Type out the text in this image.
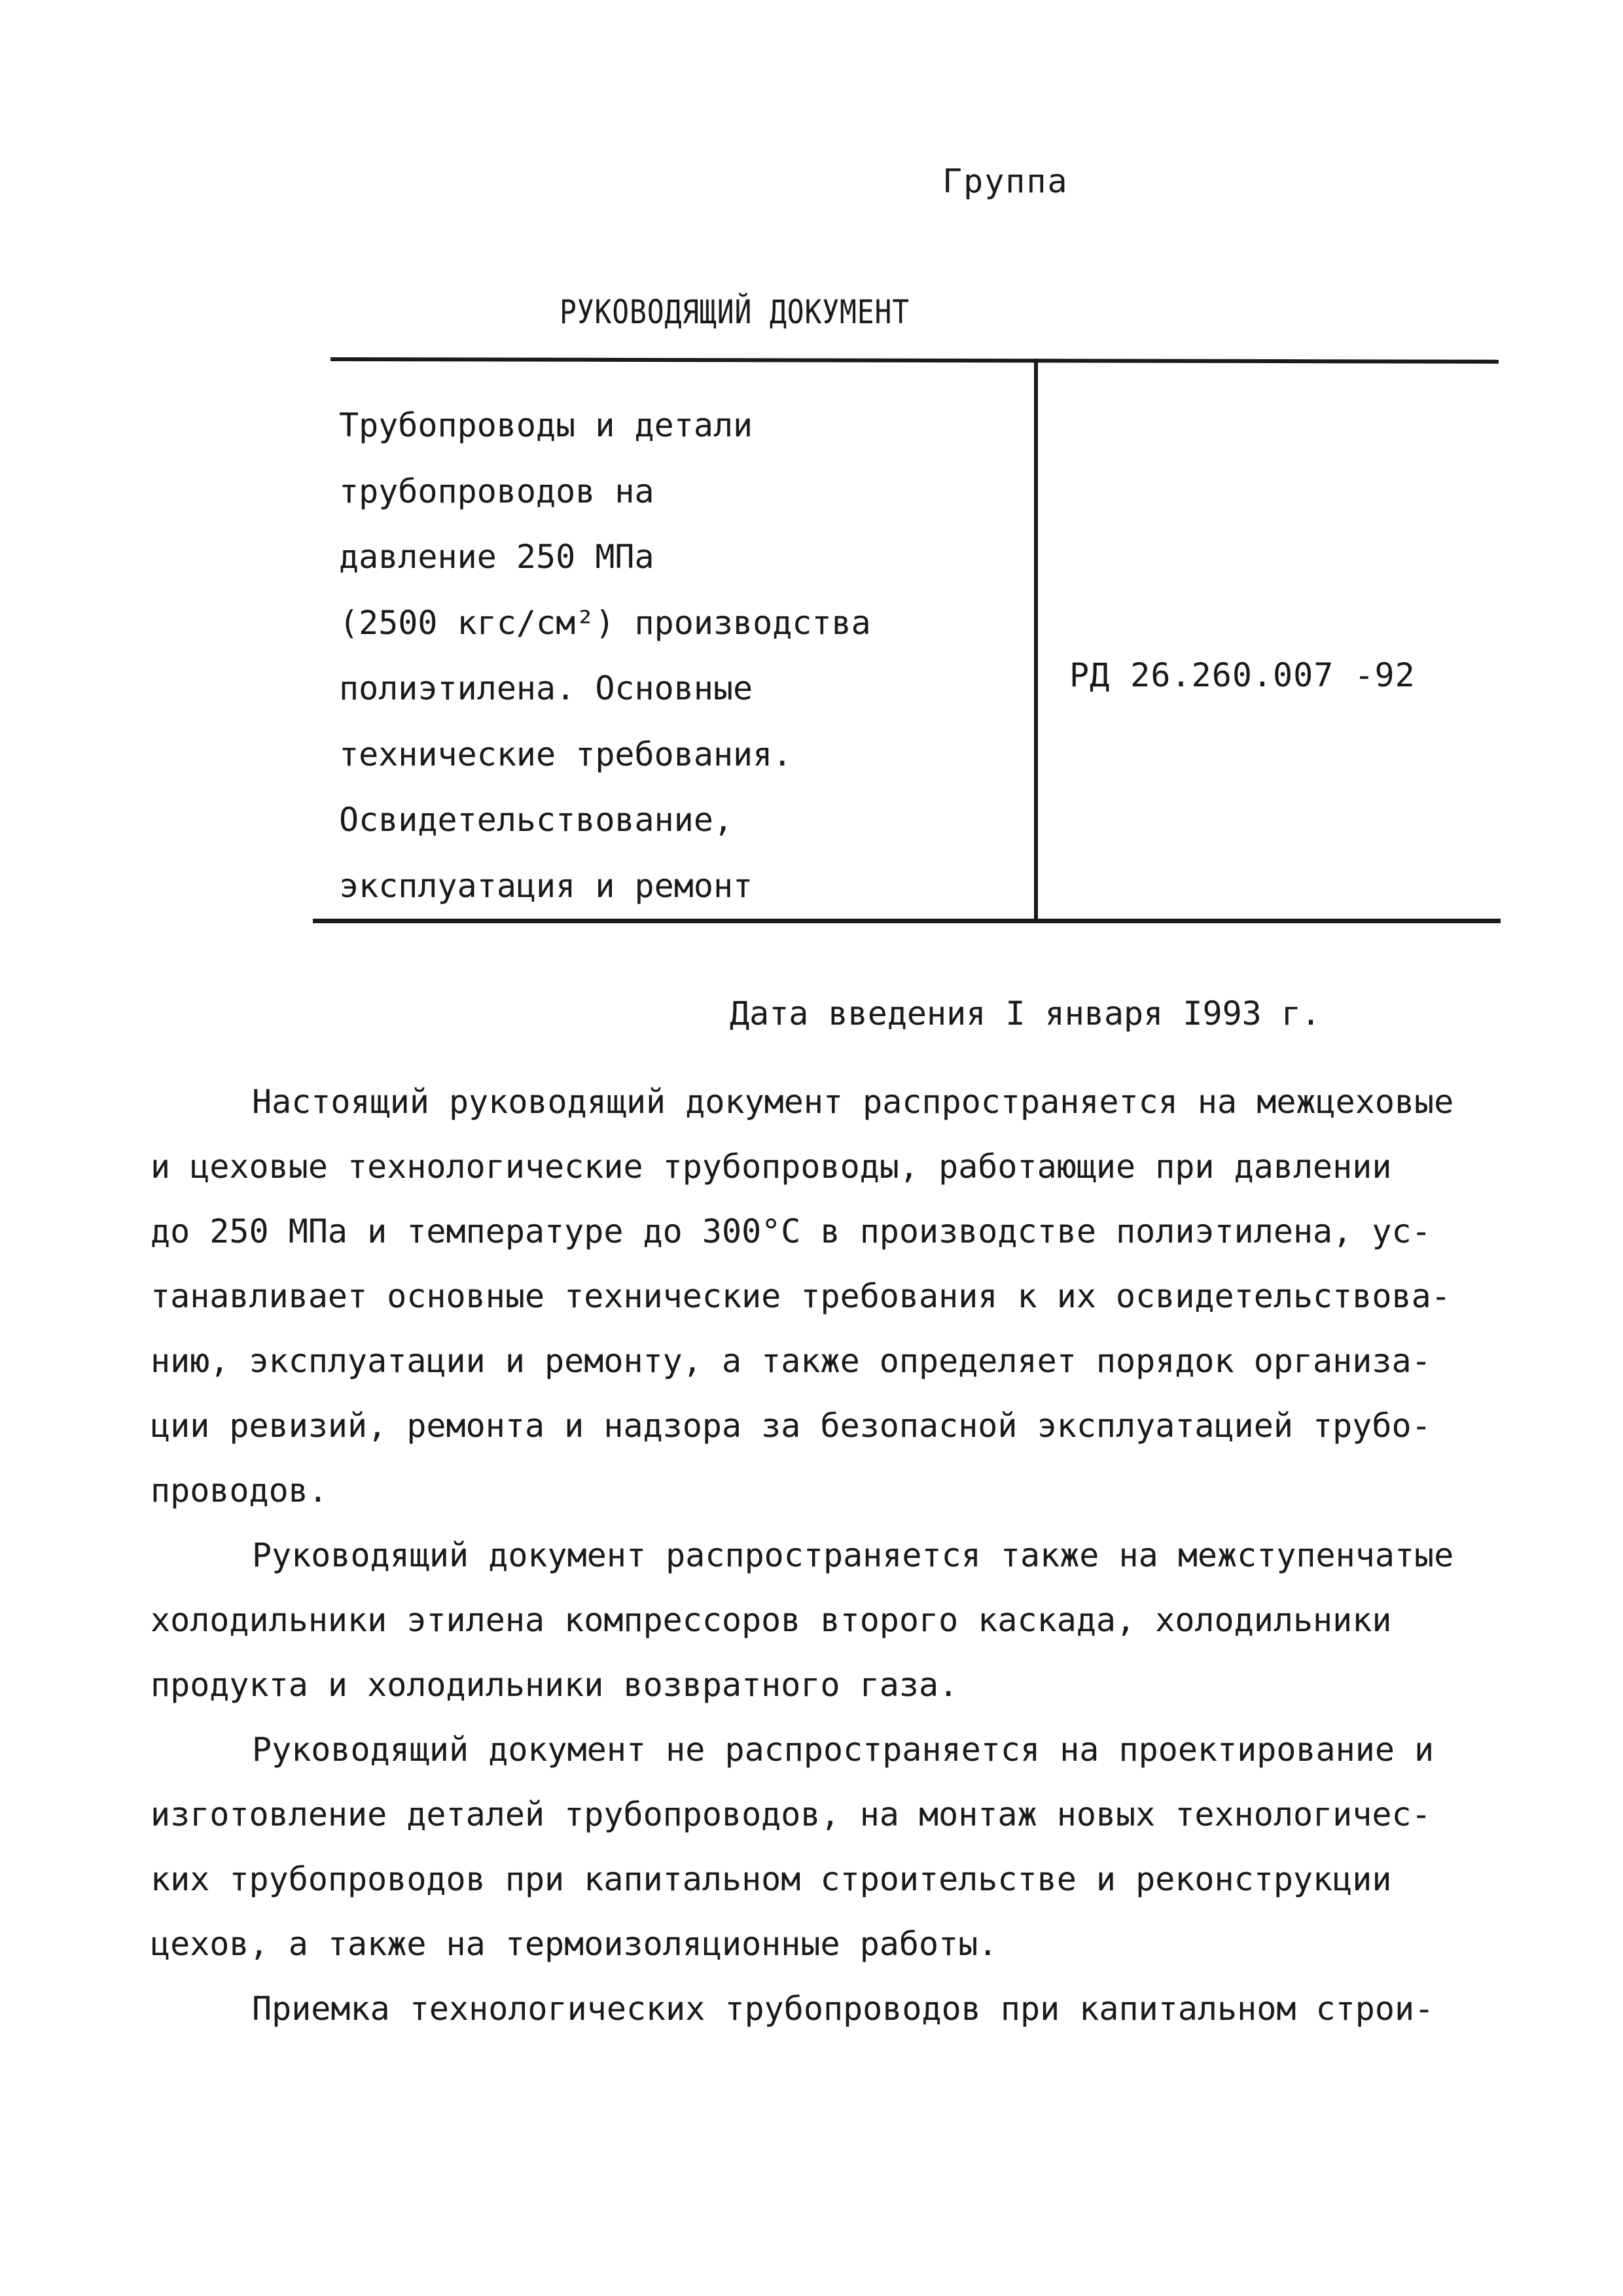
Группа
РУКОВОДЯЩИЙ ДОКУМЕНТ
Трубопроводы и детали
трубопроводов на
давление 250 МПа
(2500 кгс/см²) производства
полиэтилена. Основные
технические требования.
Освидетельствование,
эксплуатация и ремонт
РД 26.260.007 -92
Дата введения I января I993 г.
Настоящий руководящий документ распространяется на межцеховые
и цеховые технологические трубопроводы, работающие при давлении
до 250 МПа и температуре до 300°С в производстве полиэтилена, ус-
танавливает основные технические требования к их освидетельствова-
нию, эксплуатации и ремонту, а также определяет порядок организа-
ции ревизий, ремонта и надзора за безопасной эксплуатацией трубо-
проводов.
Руководящий документ распространяется также на межступенчатые
холодильники этилена компрессоров второго каскада, холодильники
продукта и холодильники возвратного газа.
Руководящий документ не распространяется на проектирование и
изготовление деталей трубопроводов, на монтаж новых технологичес-
ких трубопроводов при капитальном строительстве и реконструкции
цехов, а также на термоизоляционные работы.
Приемка технологических трубопроводов при капитальном строи-
